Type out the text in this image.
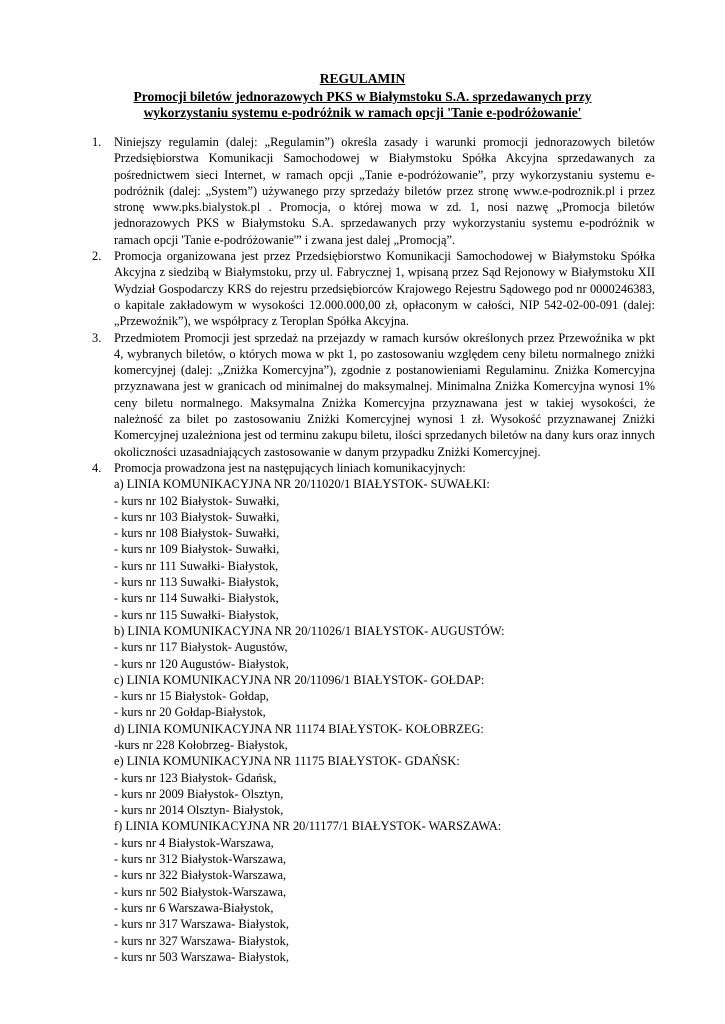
REGULAMIN
Promocji biletów jednorazowych PKS w Białymstoku S.A. sprzedawanych przy
wykorzystaniu systemu e-podróżnik w ramach opcji 'Tanie e-podróżowanie'
1. Niniejszy regulamin (dalej: „Regulamin”) określa zasady i warunki promocji jednorazowych biletów Przedsiębiorstwa Komunikacji Samochodowej w Białymstoku Spółka Akcyjna sprzedawanych za pośrednictwem sieci Internet, w ramach opcji „Tanie e-podróżowanie”, przy wykorzystaniu systemu e-podróżnik (dalej: „System”) używanego przy sprzedaży biletów przez stronę www.e-podroznik.pl i przez stronę www.pks.bialystok.pl . Promocja, o której mowa w zd. 1, nosi nazwę „Promocja biletów jednorazowych PKS w Białymstoku S.A. sprzedawanych przy wykorzystaniu systemu e-podróżnik w ramach opcji 'Tanie e-podróżowanie'” i zwana jest dalej „Promocją”.
2. Promocja organizowana jest przez Przedsiębiorstwo Komunikacji Samochodowej w Białymstoku Spółka Akcyjna z siedzibą w Białymstoku, przy ul. Fabrycznej 1, wpisaną przez Sąd Rejonowy w Białymstoku XII Wydział Gospodarczy KRS do rejestru przedsiębiorców Krajowego Rejestru Sądowego pod nr 0000246383, o kapitale zakładowym w wysokości 12.000.000,00 zł, opłaconym w całości, NIP 542-02-00-091 (dalej: „Przewoźnik”), we współpracy z Teroplan Spółka Akcyjna.
3. Przedmiotem Promocji jest sprzedaż na przejazdy w ramach kursów określonych przez Przewoźnika w pkt 4, wybranych biletów, o których mowa w pkt 1, po zastosowaniu względem ceny biletu normalnego zniżki komercyjnej (dalej: „Zniżka Komercyjna”), zgodnie z postanowieniami Regulaminu. Zniżka Komercyjna przyznawana jest w granicach od minimalnej do maksymalnej. Minimalna Zniżka Komercyjna wynosi 1% ceny biletu normalnego. Maksymalna Zniżka Komercyjna przyznawana jest w takiej wysokości, że należność za bilet po zastosowaniu Zniżki Komercyjnej wynosi 1 zł. Wysokość przyznawanej Zniżki Komercyjnej uzależniona jest od terminu zakupu biletu, ilości sprzedanych biletów na dany kurs oraz innych okoliczności uzasadniających zastosowanie w danym przypadku Zniżki Komercyjnej.
4. Promocja prowadzona jest na następujących liniach komunikacyjnych:
a) LINIA KOMUNIKACYJNA NR 20/11020/1 BIAŁYSTOK- SUWAŁKI:
- kurs nr 102 Białystok- Suwałki,
- kurs nr 103 Białystok- Suwałki,
- kurs nr 108 Białystok- Suwałki,
- kurs nr 109 Białystok- Suwałki,
- kurs nr 111 Suwałki- Białystok,
- kurs nr 113 Suwałki- Białystok,
- kurs nr 114 Suwałki- Białystok,
- kurs nr 115 Suwałki- Białystok,
b) LINIA KOMUNIKACYJNA NR 20/11026/1 BIAŁYSTOK- AUGUSTÓW:
- kurs nr 117 Białystok- Augustów,
- kurs nr 120 Augustów- Białystok,
c) LINIA KOMUNIKACYJNA NR 20/11096/1 BIAŁYSTOK- GOŁDAP:
- kurs nr 15 Białystok- Gołdap,
- kurs nr 20 Gołdap-Białystok,
d) LINIA KOMUNIKACYJNA NR 11174 BIAŁYSTOK- KOŁOBRZEG:
-kurs nr 228 Kołobrzeg- Białystok,
e) LINIA KOMUNIKACYJNA NR 11175 BIAŁYSTOK- GDAŃSK:
- kurs nr 123 Białystok- Gdańsk,
- kurs nr 2009 Białystok- Olsztyn,
- kurs nr 2014 Olsztyn- Białystok,
f) LINIA KOMUNIKACYJNA NR 20/11177/1 BIAŁYSTOK- WARSZAWA:
- kurs nr 4 Białystok-Warszawa,
- kurs nr 312 Białystok-Warszawa,
- kurs nr 322 Białystok-Warszawa,
- kurs nr 502 Białystok-Warszawa,
- kurs nr 6 Warszawa-Białystok,
- kurs nr 317 Warszawa- Białystok,
- kurs nr 327 Warszawa- Białystok,
- kurs nr 503 Warszawa- Białystok,
